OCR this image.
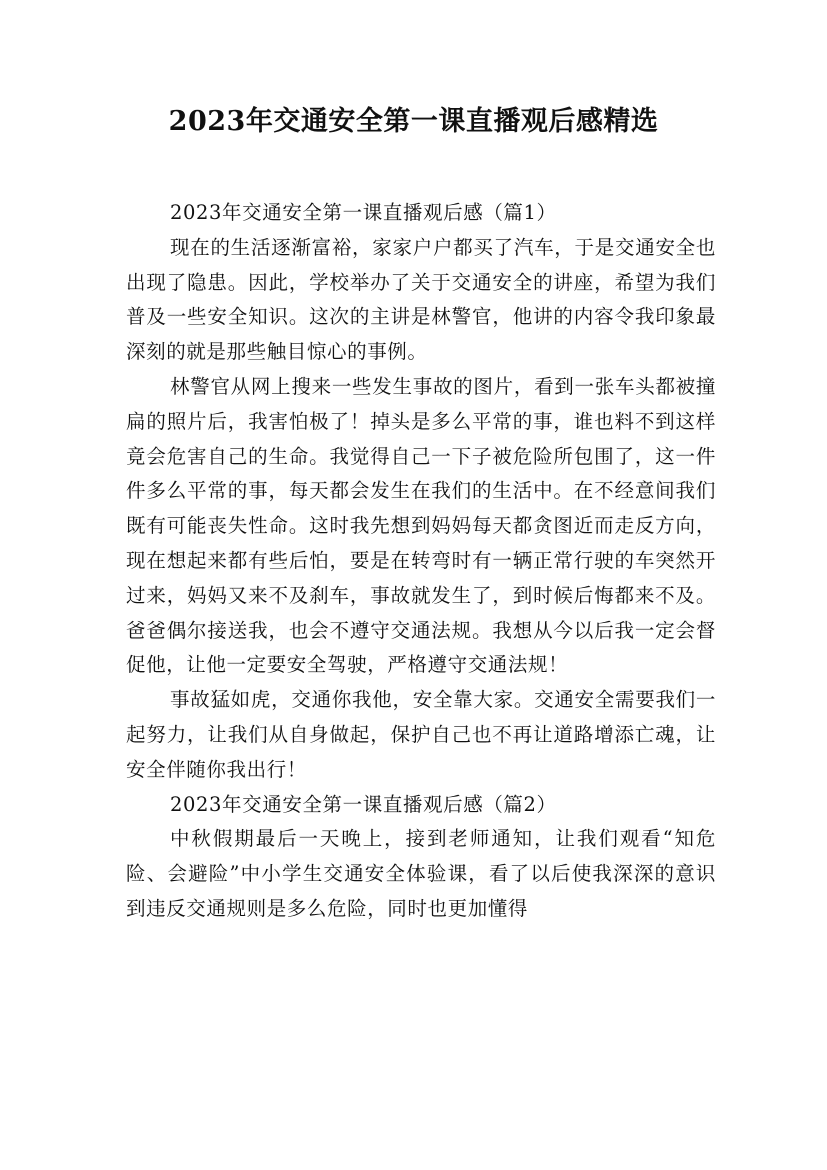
2023年交通安全第一课直播观后感精选

2023年交通安全第一课直播观后感（篇1）

现在的生活逐渐富裕，家家户户都买了汽车，于是交通安全也出现了隐患。因此，学校举办了关于交通安全的讲座，希望为我们普及一些安全知识。这次的主讲是林警官，他讲的内容令我印象最深刻的就是那些触目惊心的事例。

林警官从网上搜来一些发生事故的图片，看到一张车头都被撞扁的照片后，我害怕极了！掉头是多么平常的事，谁也料不到这样竟会危害自己的生命。我觉得自己一下子被危险所包围了，这一件件多么平常的事，每天都会发生在我们的生活中。在不经意间我们既有可能丧失性命。这时我先想到妈妈每天都贪图近而走反方向，现在想起来都有些后怕，要是在转弯时有一辆正常行驶的车突然开过来，妈妈又来不及刹车，事故就发生了，到时候后悔都来不及。爸爸偶尔接送我，也会不遵守交通法规。我想从今以后我一定会督促他，让他一定要安全驾驶，严格遵守交通法规！

事故猛如虎，交通你我他，安全靠大家。交通安全需要我们一起努力，让我们从自身做起，保护自己也不再让道路增添亡魂，让安全伴随你我出行！

2023年交通安全第一课直播观后感（篇2）

中秋假期最后一天晚上，接到老师通知，让我们观看“知危险、会避险”中小学生交通安全体验课，看了以后使我深深的意识到违反交通规则是多么危险，同时也更加懂得
